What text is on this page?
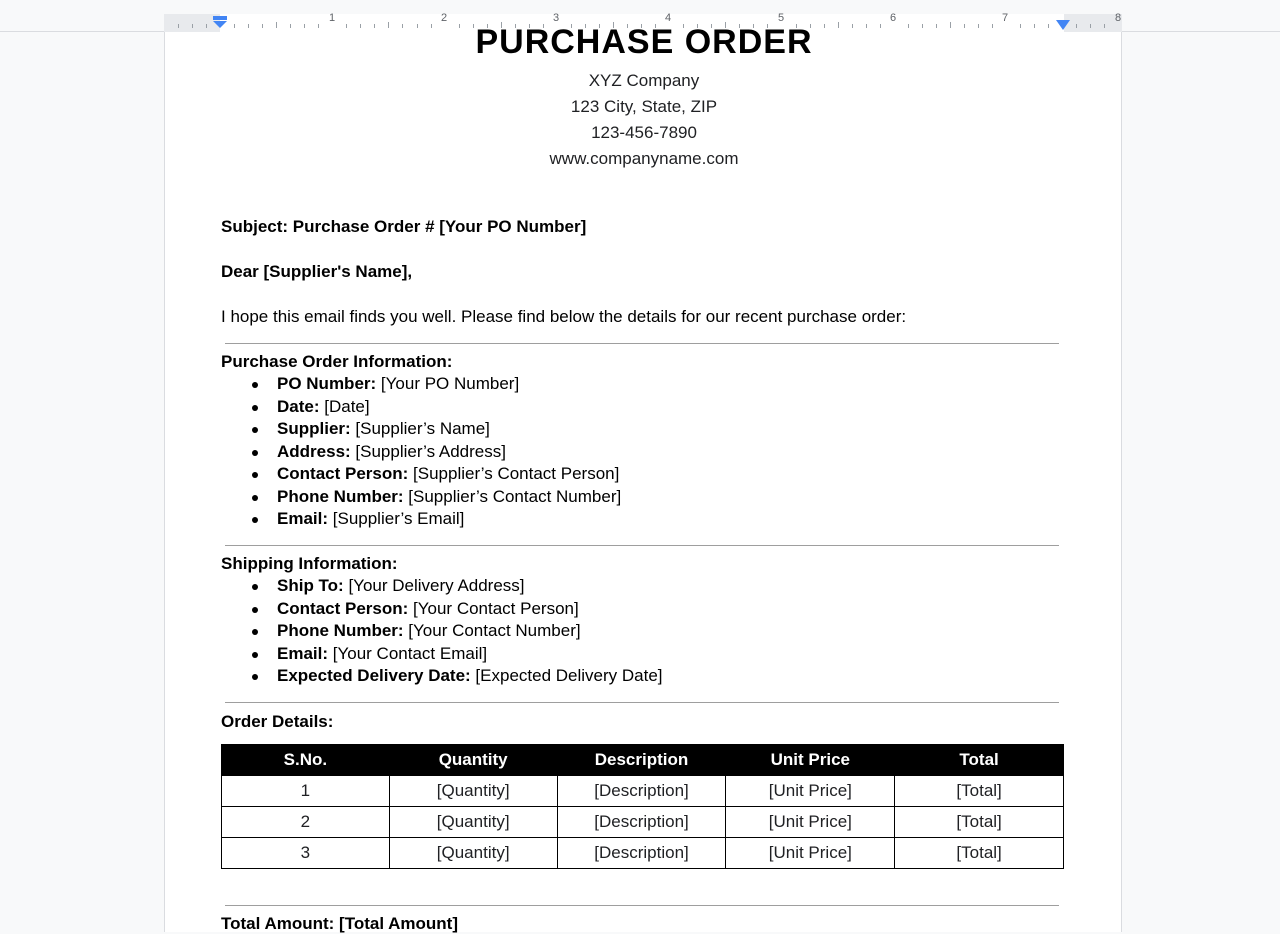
1	2	3	4	5	6	7	8
PURCHASE ORDER
XYZ Company
123 City, State, ZIP
123-456-7890
www.companyname.com
Subject: Purchase Order # [Your PO Number]
Dear [Supplier's Name],
I hope this email finds you well. Please find below the details for our recent purchase order:
Purchase Order Information:
PO Number: [Your PO Number]
Date: [Date]
Supplier: [Supplier’s Name]
Address: [Supplier’s Address]
Contact Person: [Supplier’s Contact Person]
Phone Number: [Supplier’s Contact Number]
Email: [Supplier’s Email]
Shipping Information:
Ship To: [Your Delivery Address]
Contact Person: [Your Contact Person]
Phone Number: [Your Contact Number]
Email: [Your Contact Email]
Expected Delivery Date: [Expected Delivery Date]
Order Details:
S.No.	Quantity	Description	Unit Price	Total
1	[Quantity]	[Description]	[Unit Price]	[Total]
2	[Quantity]	[Description]	[Unit Price]	[Total]
3	[Quantity]	[Description]	[Unit Price]	[Total]
Total Amount: [Total Amount]
